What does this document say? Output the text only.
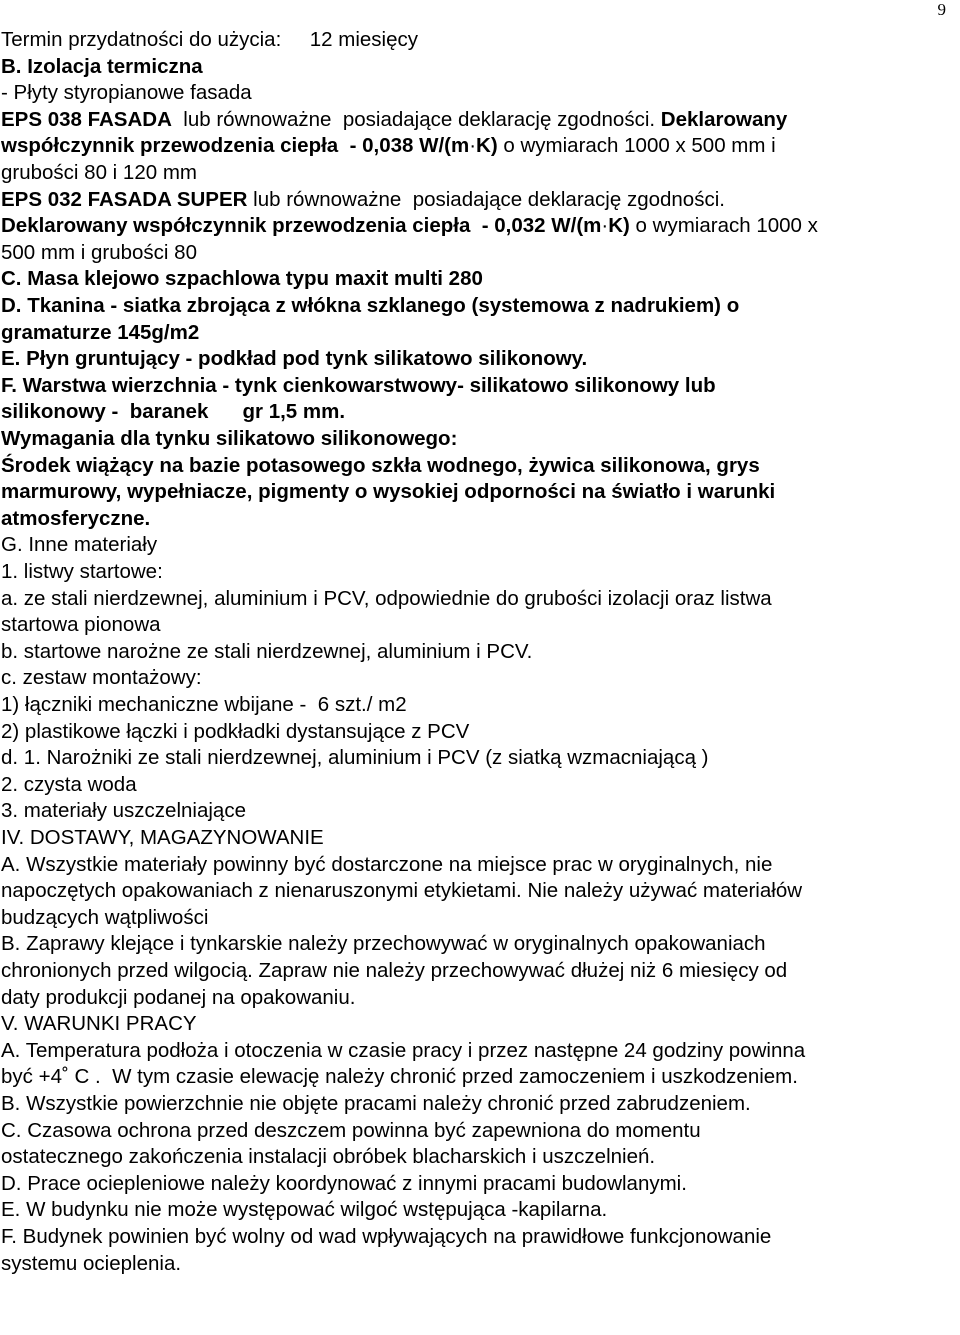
9
Termin przydatności do użycia:     12 miesięcy
B. Izolacja termiczna
- Płyty styropianowe fasada
EPS 038 FASADA  lub równoważne  posiadające deklarację zgodności. Deklarowany
współczynnik przewodzenia ciepła  - 0,038 W/(m·K) o wymiarach 1000 x 500 mm i
grubości 80 i 120 mm
EPS 032 FASADA SUPER lub równoważne  posiadające deklarację zgodności.
Deklarowany współczynnik przewodzenia ciepła  - 0,032 W/(m·K) o wymiarach 1000 x
500 mm i grubości 80
C. Masa klejowo szpachlowa typu maxit multi 280
D. Tkanina - siatka zbrojąca z włókna szklanego (systemowa z nadrukiem) o
gramaturze 145g/m2
E. Płyn gruntujący - podkład pod tynk silikatowo silikonowy.
F. Warstwa wierzchnia - tynk cienkowarstwowy- silikatowo silikonowy lub
silikonowy -  baranek      gr 1,5 mm.
Wymagania dla tynku silikatowo silikonowego:
Środek wiążący na bazie potasowego szkła wodnego, żywica silikonowa, grys
marmurowy, wypełniacze, pigmenty o wysokiej odporności na światło i warunki
atmosferyczne.
G. Inne materiały
1. listwy startowe:
a. ze stali nierdzewnej, aluminium i PCV, odpowiednie do grubości izolacji oraz listwa
startowa pionowa
b. startowe narożne ze stali nierdzewnej, aluminium i PCV.
c. zestaw montażowy:
1) łączniki mechaniczne wbijane -  6 szt./ m2
2) plastikowe łączki i podkładki dystansujące z PCV
d. 1. Narożniki ze stali nierdzewnej, aluminium i PCV (z siatką wzmacniającą )
2. czysta woda
3. materiały uszczelniające
IV. DOSTAWY, MAGAZYNOWANIE
A. Wszystkie materiały powinny być dostarczone na miejsce prac w oryginalnych, nie
napoczętych opakowaniach z nienaruszonymi etykietami. Nie należy używać materiałów
budzących wątpliwości
B. Zaprawy klejące i tynkarskie należy przechowywać w oryginalnych opakowaniach
chronionych przed wilgocią. Zapraw nie należy przechowywać dłużej niż 6 miesięcy od
daty produkcji podanej na opakowaniu.
V. WARUNKI PRACY
A. Temperatura podłoża i otoczenia w czasie pracy i przez następne 24 godziny powinna
być +4˚ C .  W tym czasie elewację należy chronić przed zamoczeniem i uszkodzeniem.
B. Wszystkie powierzchnie nie objęte pracami należy chronić przed zabrudzeniem.
C. Czasowa ochrona przed deszczem powinna być zapewniona do momentu
ostatecznego zakończenia instalacji obróbek blacharskich i uszczelnień.
D. Prace ociepleniowe należy koordynować z innymi pracami budowlanymi.
E. W budynku nie może występować wilgoć wstępująca -kapilarna.
F. Budynek powinien być wolny od wad wpływających na prawidłowe funkcjonowanie
systemu ocieplenia.
